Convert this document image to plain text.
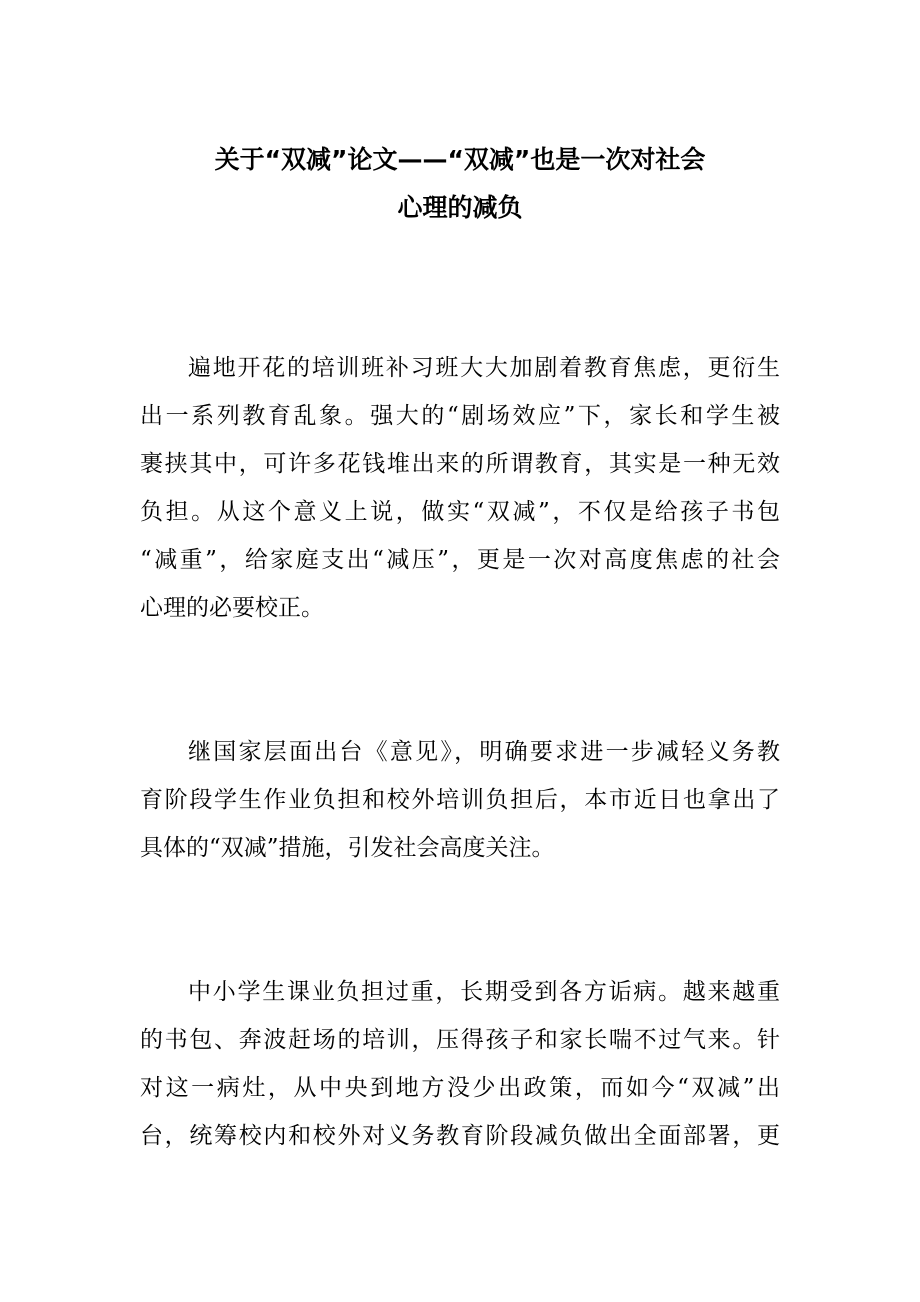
关于“双减”论文——“双减”也是一次对社会
心理的减负
遍地开花的培训班补习班大大加剧着教育焦虑，更衍生
出一系列教育乱象。强大的“剧场效应”下，家长和学生被
裹挟其中，可许多花钱堆出来的所谓教育，其实是一种无效
负担。从这个意义上说，做实“双减”，不仅是给孩子书包
“减重”，给家庭支出“减压”，更是一次对高度焦虑的社会
心理的必要校正。
继国家层面出台《意见》，明确要求进一步减轻义务教
育阶段学生作业负担和校外培训负担后，本市近日也拿出了
具体的“双减”措施，引发社会高度关注。
中小学生课业负担过重，长期受到各方诟病。越来越重
的书包、奔波赶场的培训，压得孩子和家长喘不过气来。针
对这一病灶，从中央到地方没少出政策，而如今“双减”出
台，统筹校内和校外对义务教育阶段减负做出全面部署，更
